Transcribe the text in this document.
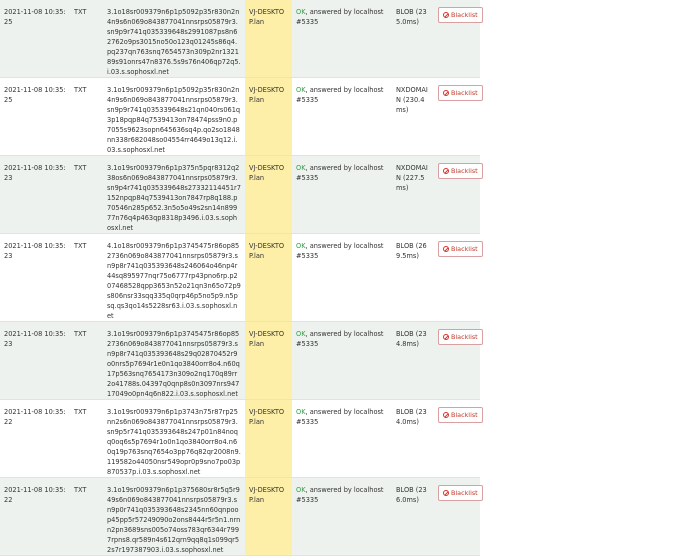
2021-11-08 10:35:25	TXT	3.1o18sr009379n6p1p5092p35r830n2n4n9s6n069o843877041nnsrps05879r3.sn9p9r741q035339648s2991087ps8n62762o9ps3015no50o123q01245s86q4.pq237qn763snq7654573n309p2nr132189s91onrs47n8376.5s9s76n406qp72q5.i.03.s.sophosxl.net	VJ-DESKTOP.lan	OK, answered by localhost#5335	BLOB (235.0ms)	Blacklist

2021-11-08 10:35:25	TXT	3.1o19sr009379n6p1p5092p35r830n2n4n9s6n069o843877041nnsrps05879r3.sn9p9r741q035339648s21qn040rs061q3p18pqp84q7539413on78474pss9n0.p7055s9623sopn645636sq4p.qo2so1848nn338r682048so04554rr4649o13q12.i.03.s.sophosxl.net	VJ-DESKTOP.lan	OK, answered by localhost#5335	NXDOMAIN (230.4ms)	Blacklist

2021-11-08 10:35:23	TXT	3.1o19sr009379n6p1p375n5pqr8312q238os6n069o843877041nnsrps05879r3.sn9p4r741q035339648s27332114451r7152npqp84q7539413on7847rp8q188.p70546n285p652.3n5o5o49s2sn14n89977n76q4p463qp8318p3496.i.03.s.sophosxl.net	VJ-DESKTOP.lan	OK, answered by localhost#5335	NXDOMAIN (227.5ms)	Blacklist

2021-11-08 10:35:23	TXT	4.1o18sr009379n6p1p3745475r86op852736n069o843877041nnsrps05879r3.sn9p8r741q035393648s246064o46np4r44sq895977nqr75o6777rp43pno6rp.p207468528qpp3653n52o21qn3n65o72p9s806nsr33sqq335q0qrp46p5no5p9.n5psq.qs3qo14s5228sr63.i.03.s.sophosxl.net	VJ-DESKTOP.lan	OK, answered by localhost#5335	BLOB (269.5ms)	Blacklist

2021-11-08 10:35:23	TXT	3.1o19sr009379n6p1p3745475r86op852736n069o843877041nnsrps05879r3.sn9p8r741q035393648s29q02870452r9o0nrs5p7694r1e0n1qo3840orr8o4.n60q17p563snq7654173n309o2nq170q89rr2o41788s.04397q0qnp8s0n3097nrs94717049o0pn4q6n822.i.03.s.sophosxl.net	VJ-DESKTOP.lan	OK, answered by localhost#5335	BLOB (234.8ms)	Blacklist

2021-11-08 10:35:22	TXT	3.1o19sr009379n6p1p3743n75r87rp25nn2s6n069o843877041nnsrps05879r3.sn9p5r741q035393648s247p01n84noqq0oq6s5p7694r1o0n1qo3840orr8o4.n60q19p763snq7654o3pp76q82qr2008n9.119582o44050nsr549opr0p9sno7po03p870537p.i.03.s.sophosxl.net	VJ-DESKTOP.lan	OK, answered by localhost#5335	BLOB (234.0ms)	Blacklist

2021-11-08 10:35:22	TXT	3.1o19sr009379n6p1p375680sr8r5q5r949s6n069o843877041nnsrps05879r3.sn9p0r741q035393648s2345nn60qnpoop45pp5r57249090o2ons8444r5r5n1.nrnn2pn3689sns005o74oss783qr6344r7997rpns8.qr589n4s612qrn9qq8q1s099qr52s7r197387903.i.03.s.sophosxl.net	VJ-DESKTOP.lan	OK, answered by localhost#5335	BLOB (236.0ms)	Blacklist
